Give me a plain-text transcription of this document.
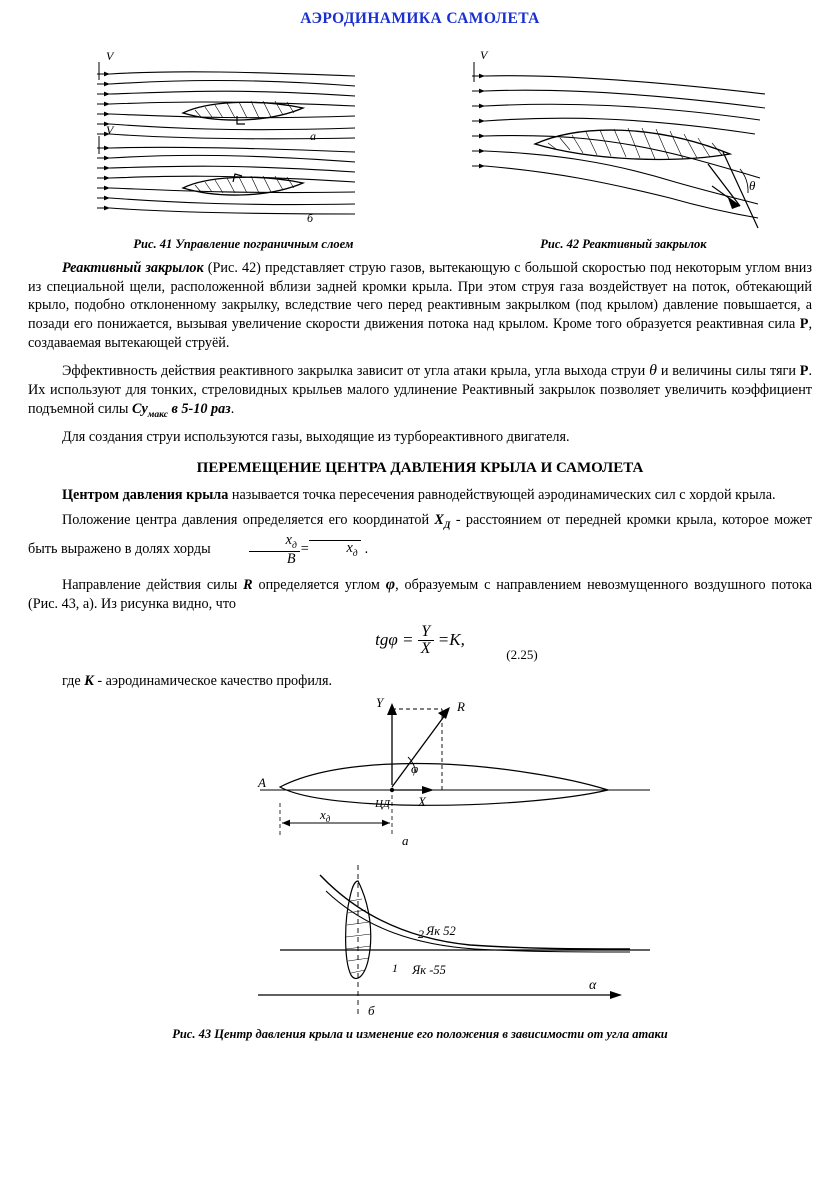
АЭРОДИНАМИКА САМОЛЕТА
V
V	а
б
V
θ
Рис. 41 Управление пограничным слоем	Рис. 42 Реактивный закрылок

Реактивный закрылок (Рис. 42) представляет струю газов, вытекающую с большой скоростью под некоторым углом вниз из специальной щели, расположенной вблизи задней кромки крыла. При этом струя газа воздействует на поток, обтекающий крыло, подобно отклоненному закрылку, вследствие чего перед реактивным закрылком (под крылом) давление повышается, а позади его понижается, вызывая увеличение скорости движения потока над крылом. Кроме того образуется реактивная сила Р, создаваемая вытекающей струёй.

Эффективность действия реактивного закрылка зависит от угла атаки крыла, угла выхода струи θ и величины силы тяги Р. Их используют для тонких, стреловидных крыльев малого удлинение Реактивный закрылок позволяет увеличить коэффициент подъемной силы $Су_{макс}$ в 5-10 раз.

Для создания струи используются газы, выходящие из турбореактивного двигателя.

ПЕРЕМЕЩЕНИЕ ЦЕНТРА ДАВЛЕНИЯ КРЫЛА И САМОЛЕТА

Центром давления крыла называется точка пересечения равнодействующей аэродинамических сил с хордой крыла.

Положение центра давления определяется его координатой $Х_Д$ - расстоянием от передней кромки крыла, которое может быть выражено в долях хорды	$\frac{х_д}{В}$ =	$х_д$ .

Направление действия силы R определяется углом φ, образуемым с направлением невозмущенного воздушного потока (Рис. 43, а). Из рисунка видно, что

$tg\varphi = \frac{Y}{X} =K$,
(2.25)

где К - аэродинамическое качество профиля.

Y	R
φ
A
ЦД X
$x_д$
а
1
2
Як -55
Як 52
α
б
Рис. 43 Центр давления крыла и изменение его положения в зависимости от угла атаки
